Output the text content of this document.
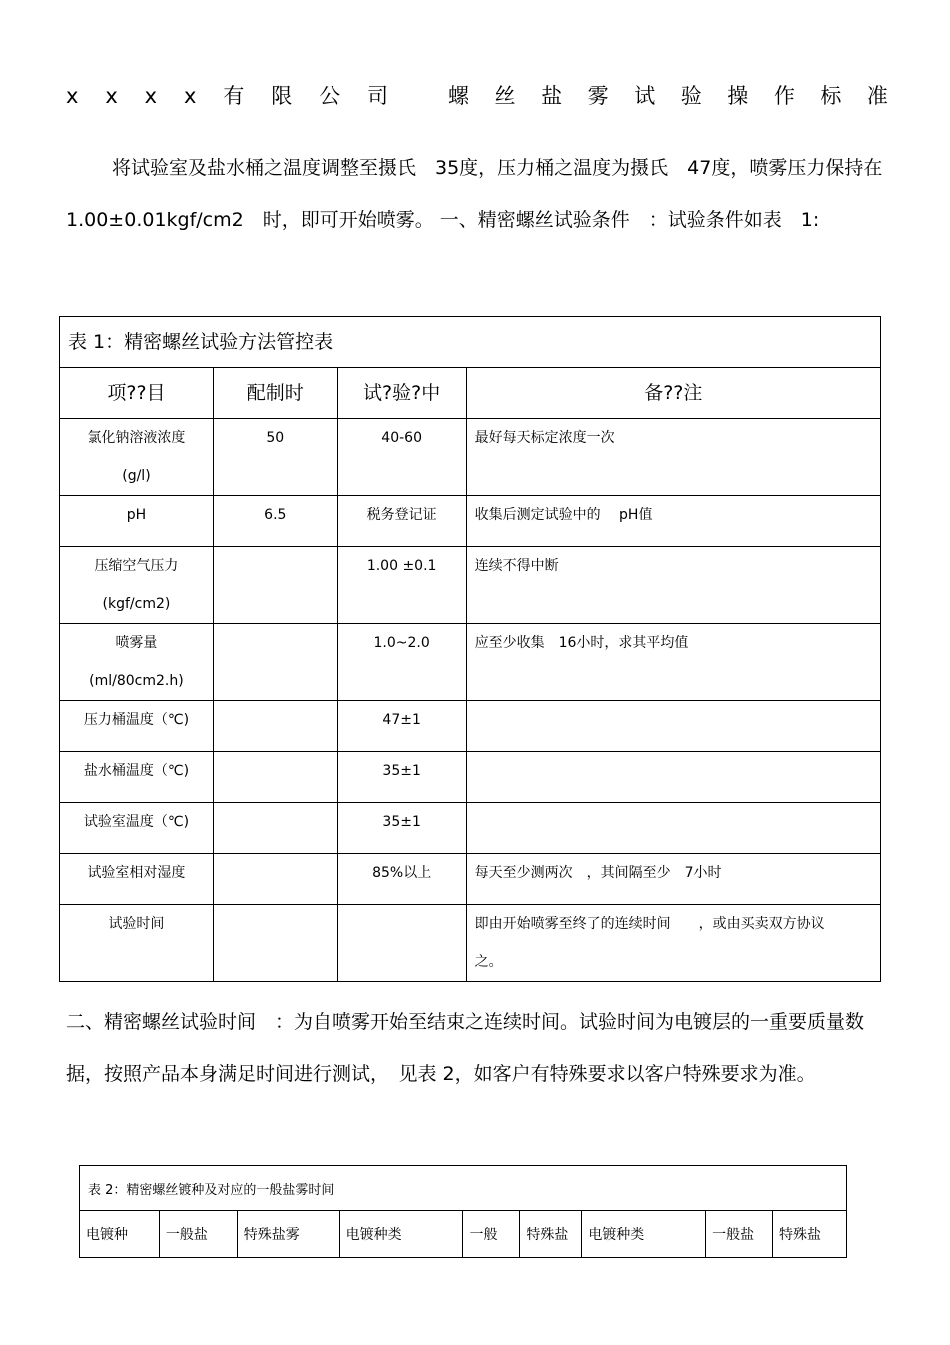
x x x x 有 限 公 司	螺 丝 盐 雾 试 验 操 作 标 准
将试验室及盐水桶之温度调整至摄氏　35度，压力桶之温度为摄氏　47度，喷雾压力保持在　1.00±0.01kgf/cm2　时，即可开始喷雾。 一、精密螺丝试验条件　：试验条件如表　1:
表 1：精密螺丝试验方法管控表			
项??目	配制时	试?验?中	备??注

氯化钠溶液浓度
(g/l)	50	40-60	最好每天标定浓度一次
pH	6.5	税务登记证	收集后测定试验中的　 pH值

压缩空气压力
(kgf/cm2)		1.00 ±0.1	连续不得中断

喷雾量
(ml/80cm2.h)		1.0~2.0	应至少收集　16小时，求其平均值
压力桶温度（℃)		47±1	
盐水桶温度（℃)		35±1	
试验室温度（℃)		35±1	
试验室相对湿度		85%以上	每天至少测两次　，其间隔至少　7小时
试验时间			即由开始喷雾至终了的连续时间　　，或由买卖双方协议
之。
二、精密螺丝试验时间　：为自喷雾开始至结束之连续时间。试验时间为电镀层的一重要质量数据，按照产品本身满足时间进行测试，　见表 2，如客户有特殊要求以客户特殊要求为准。
表 2：精密螺丝镀种及对应的一般盐雾时间
电镀种	一般盐	特殊盐雾	电镀种类	一般	特殊盐	电镀种类	一般盐	特殊盐
